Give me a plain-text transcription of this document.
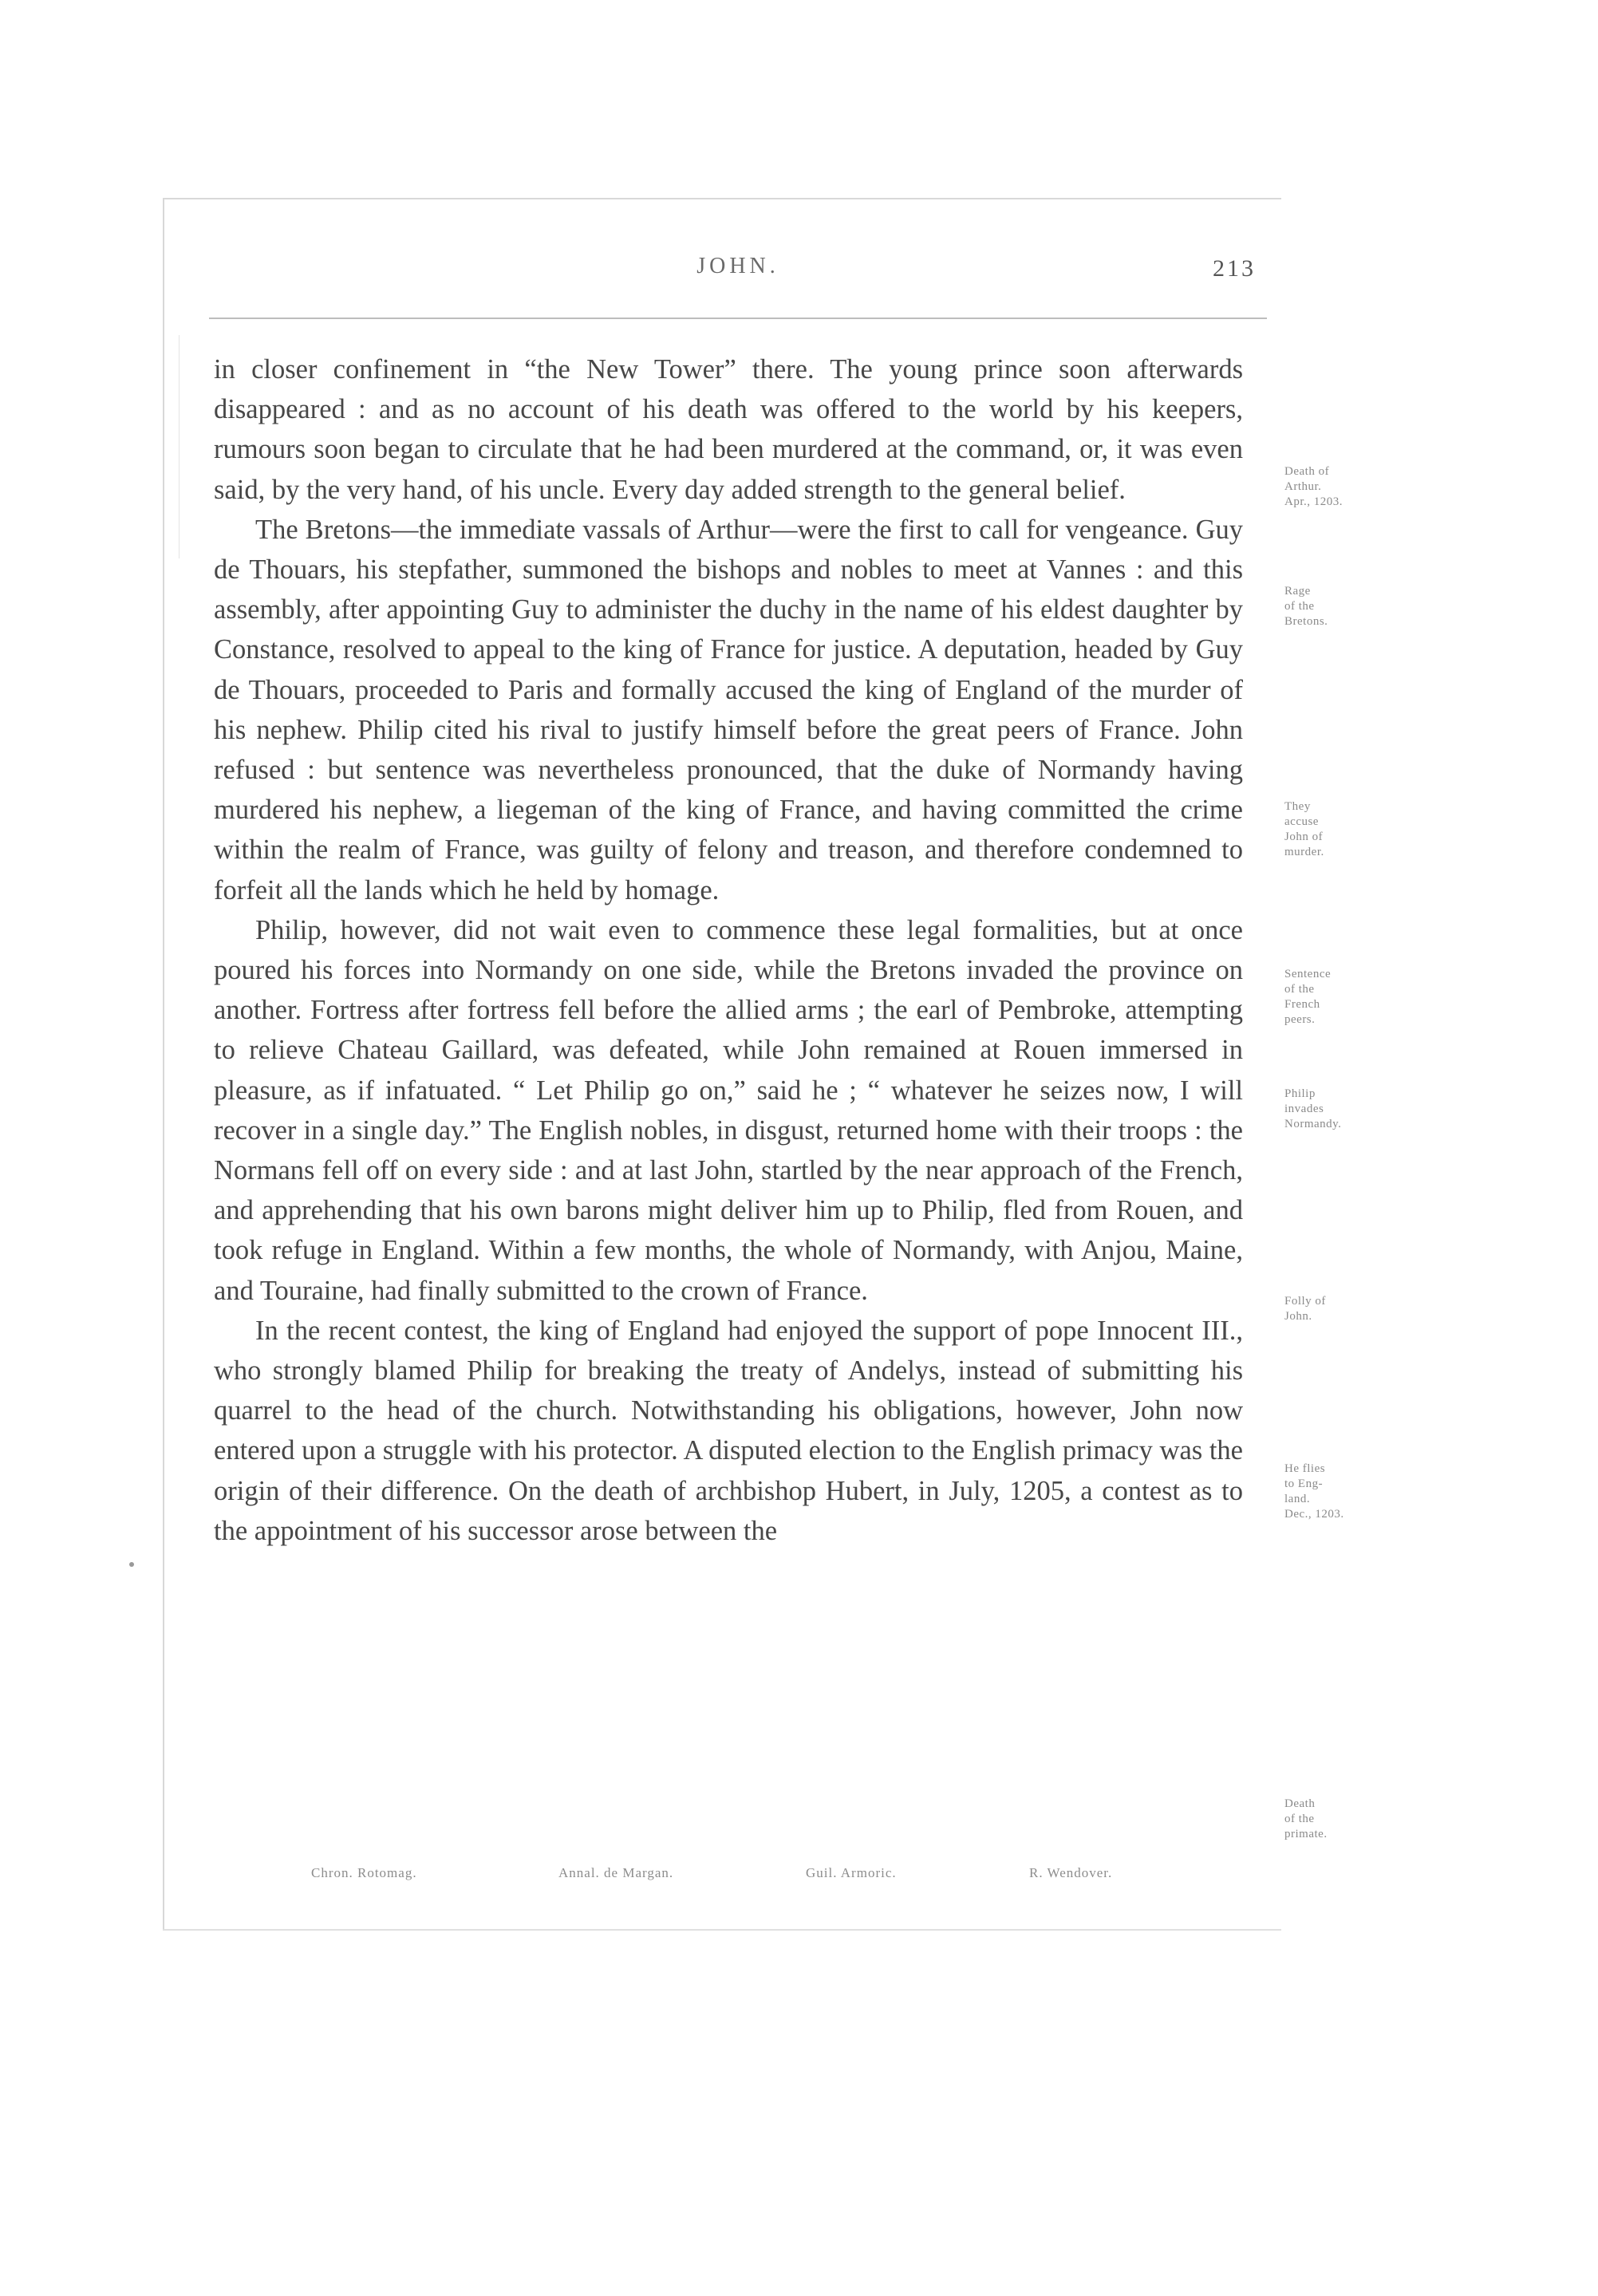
JOHN.	213

in closer confinement in “the New Tower” there. The young prince soon afterwards disappeared : and as no account of his death was offered to the world by his keepers, rumours soon began to circulate that he had been murdered at the command, or, it was even said, by the very hand, of his uncle. Every day added strength to the general belief.

The Bretons—the immediate vassals of Arthur—were the first to call for vengeance. Guy de Thouars, his stepfather, summoned the bishops and nobles to meet at Vannes : and this assembly, after appointing Guy to administer the duchy in the name of his eldest daughter by Constance, resolved to appeal to the king of France for justice. A deputation, headed by Guy de Thouars, proceeded to Paris and formally accused the king of England of the murder of his nephew. Philip cited his rival to justify himself before the great peers of France. John refused : but sentence was nevertheless pronounced, that the duke of Normandy having murdered his nephew, a liegeman of the king of France, and having committed the crime within the realm of France, was guilty of felony and treason, and therefore condemned to forfeit all the lands which he held by homage.

Philip, however, did not wait even to commence these legal formalities, but at once poured his forces into Normandy on one side, while the Bretons invaded the province on another. Fortress after fortress fell before the allied arms ; the earl of Pembroke, attempting to relieve Chateau Gaillard, was defeated, while John remained at Rouen immersed in pleasure, as if infatuated. “ Let Philip go on,” said he ; “ whatever he seizes now, I will recover in a single day.” The English nobles, in disgust, returned home with their troops : the Normans fell off on every side : and at last John, startled by the near approach of the French, and apprehending that his own barons might deliver him up to Philip, fled from Rouen, and took refuge in England. Within a few months, the whole of Normandy, with Anjou, Maine, and Touraine, had finally submitted to the crown of France.

In the recent contest, the king of England had enjoyed the support of pope Innocent III., who strongly blamed Philip for breaking the treaty of Andelys, instead of submitting his quarrel to the head of the church. Notwithstanding his obligations, however, John now entered upon a struggle with his protector. A disputed election to the English primacy was the origin of their difference. On the death of archbishop Hubert, in July, 1205, a contest as to the appointment of his successor arose between the

Death of
Arthur.
Apr., 1203.
Rage
of the
Bretons.
They
accuse
John of
murder.
Sentence
of the
French
peers.
Philip
invades
Normandy.
Folly of
John.
He flies
to Eng-
land.
Dec., 1203.
Death
of the
primate.
Chron. Rotomag.	Annal. de Margan.	Guil. Armoric.	R. Wendover.
